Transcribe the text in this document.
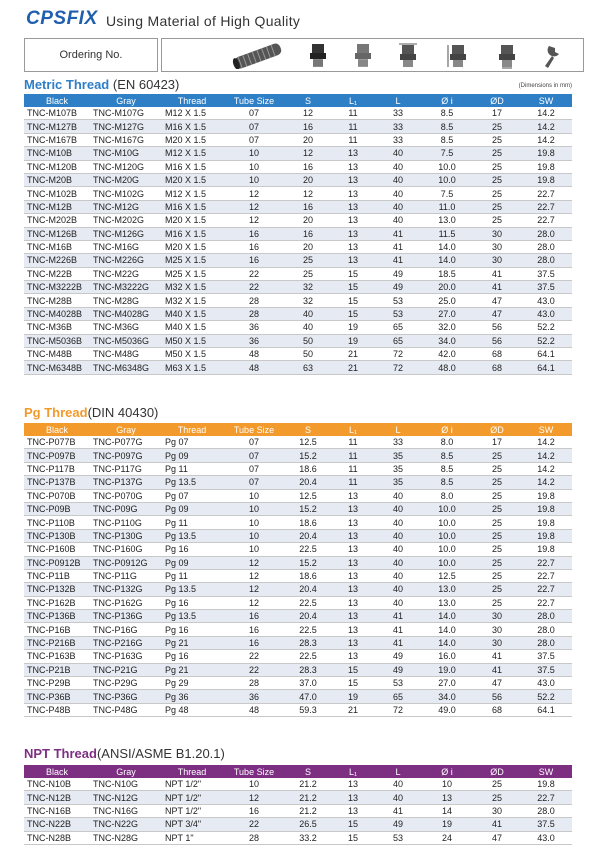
CPSFIX Using Material of High Quality
Ordering No.
Metric Thread (EN 60423)	(Dimensions in mm)
Black	Gray	Thread	Tube Size	S	L₁	L	Ø i	ØD	SW
TNC-M107B	TNC-M107G	M12 X 1.5	07	12	11	33	8.5	17	14.2
TNC-M127B	TNC-M127G	M16 X 1.5	07	16	11	33	8.5	25	14.2
TNC-M167B	TNC-M167G	M20 X 1.5	07	20	11	33	8.5	25	14.2
TNC-M10B	TNC-M10G	M12 X 1.5	10	12	13	40	7.5	25	19.8
TNC-M120B	TNC-M120G	M16 X 1.5	10	16	13	40	10.0	25	19.8
TNC-M20B	TNC-M20G	M20 X 1.5	10	20	13	40	10.0	25	19.8
TNC-M102B	TNC-M102G	M12 X 1.5	12	12	13	40	7.5	25	22.7
TNC-M12B	TNC-M12G	M16 X 1.5	12	16	13	40	11.0	25	22.7
TNC-M202B	TNC-M202G	M20 X 1.5	12	20	13	40	13.0	25	22.7
TNC-M126B	TNC-M126G	M16 X 1.5	16	16	13	41	11.5	30	28.0
TNC-M16B	TNC-M16G	M20 X 1.5	16	20	13	41	14.0	30	28.0
TNC-M226B	TNC-M226G	M25 X 1.5	16	25	13	41	14.0	30	28.0
TNC-M22B	TNC-M22G	M25 X 1.5	22	25	15	49	18.5	41	37.5
TNC-M3222B	TNC-M3222G	M32 X 1.5	22	32	15	49	20.0	41	37.5
TNC-M28B	TNC-M28G	M32 X 1.5	28	32	15	53	25.0	47	43.0
TNC-M4028B	TNC-M4028G	M40 X 1.5	28	40	15	53	27.0	47	43.0
TNC-M36B	TNC-M36G	M40 X 1.5	36	40	19	65	32.0	56	52.2
TNC-M5036B	TNC-M5036G	M50 X 1.5	36	50	19	65	34.0	56	52.2
TNC-M48B	TNC-M48G	M50 X 1.5	48	50	21	72	42.0	68	64.1
TNC-M6348B	TNC-M6348G	M63 X 1.5	48	63	21	72	48.0	68	64.1
Pg Thread(DIN 40430)
Black	Gray	Thread	Tube Size	S	L₁	L	Ø i	ØD	SW
TNC-P077B	TNC-P077G	Pg 07	07	12.5	11	33	8.0	17	14.2
TNC-P097B	TNC-P097G	Pg 09	07	15.2	11	35	8.5	25	14.2
TNC-P117B	TNC-P117G	Pg 11	07	18.6	11	35	8.5	25	14.2
TNC-P137B	TNC-P137G	Pg 13.5	07	20.4	11	35	8.5	25	14.2
TNC-P070B	TNC-P070G	Pg 07	10	12.5	13	40	8.0	25	19.8
TNC-P09B	TNC-P09G	Pg 09	10	15.2	13	40	10.0	25	19.8
TNC-P110B	TNC-P110G	Pg 11	10	18.6	13	40	10.0	25	19.8
TNC-P130B	TNC-P130G	Pg 13.5	10	20.4	13	40	10.0	25	19.8
TNC-P160B	TNC-P160G	Pg 16	10	22.5	13	40	10.0	25	19.8
TNC-P0912B	TNC-P0912G	Pg 09	12	15.2	13	40	10.0	25	22.7
TNC-P11B	TNC-P11G	Pg 11	12	18.6	13	40	12.5	25	22.7
TNC-P132B	TNC-P132G	Pg 13.5	12	20.4	13	40	13.0	25	22.7
TNC-P162B	TNC-P162G	Pg 16	12	22.5	13	40	13.0	25	22.7
TNC-P136B	TNC-P136G	Pg 13.5	16	20.4	13	41	14.0	30	28.0
TNC-P16B	TNC-P16G	Pg 16	16	22.5	13	41	14.0	30	28.0
TNC-P216B	TNC-P216G	Pg 21	16	28.3	13	41	14.0	30	28.0
TNC-P163B	TNC-P163G	Pg 16	22	22.5	13	49	16.0	41	37.5
TNC-P21B	TNC-P21G	Pg 21	22	28.3	15	49	19.0	41	37.5
TNC-P29B	TNC-P29G	Pg 29	28	37.0	15	53	27.0	47	43.0
TNC-P36B	TNC-P36G	Pg 36	36	47.0	19	65	34.0	56	52.2
TNC-P48B	TNC-P48G	Pg 48	48	59.3	21	72	49.0	68	64.1
NPT Thread(ANSI/ASME B1.20.1)
Black	Gray	Thread	Tube Size	S	L₁	L	Ø i	ØD	SW
TNC-N10B	TNC-N10G	NPT 1/2"	10	21.2	13	40	10	25	19.8
TNC-N12B	TNC-N12G	NPT 1/2"	12	21.2	13	40	13	25	22.7
TNC-N16B	TNC-N16G	NPT 1/2"	16	21.2	13	41	14	30	28.0
TNC-N22B	TNC-N22G	NPT 3/4"	22	26.5	15	49	19	41	37.5
TNC-N28B	TNC-N28G	NPT 1"	28	33.2	15	53	24	47	43.0
